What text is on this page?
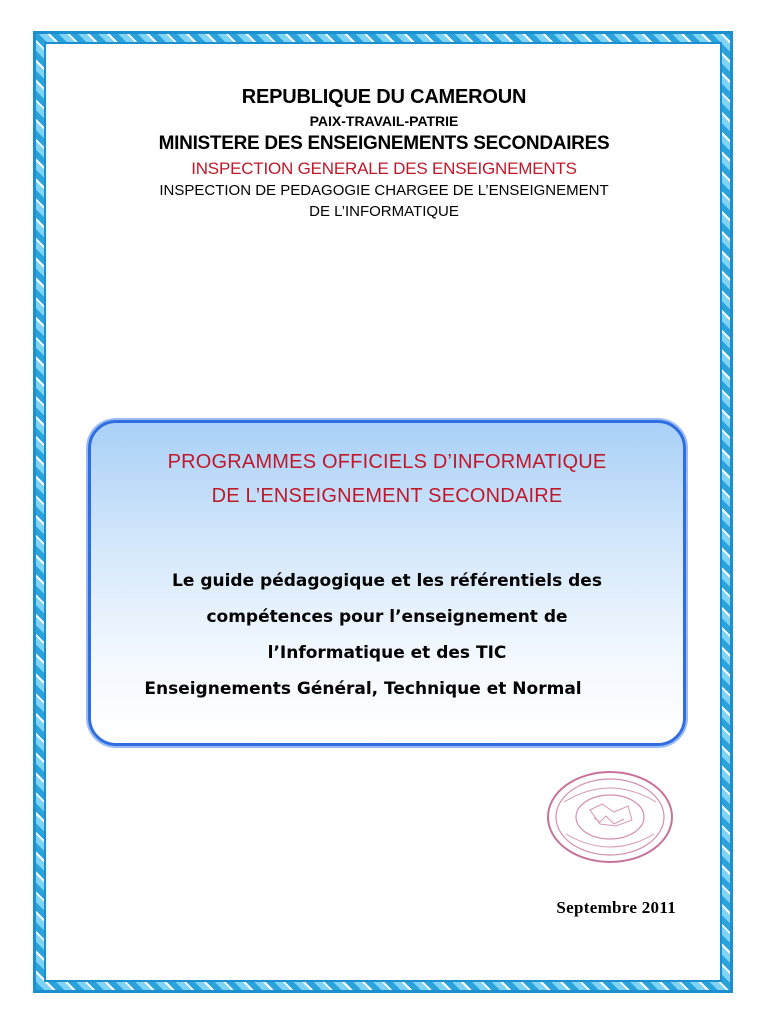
REPUBLIQUE DU CAMEROUN
PAIX-TRAVAIL-PATRIE
MINISTERE DES ENSEIGNEMENTS SECONDAIRES
INSPECTION GENERALE DES ENSEIGNEMENTS
INSPECTION DE PEDAGOGIE CHARGEE DE L’ENSEIGNEMENT
DE L’INFORMATIQUE
PROGRAMMES OFFICIELS D’INFORMATIQUE
DE L’ENSEIGNEMENT SECONDAIRE
Le guide pédagogique et les référentiels des
compétences pour l’enseignement de
l’Informatique et des TIC
Enseignements Général, Technique et Normal
Septembre 2011
